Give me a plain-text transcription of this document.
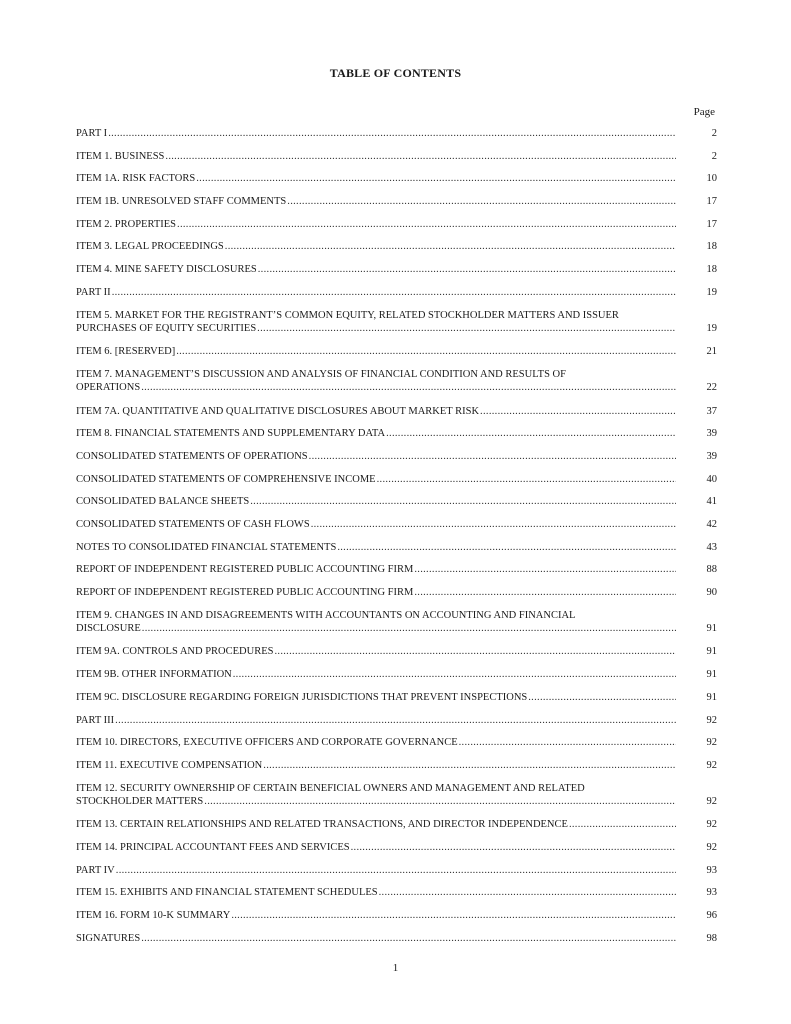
TABLE OF CONTENTS
Page
PART I .....	2
ITEM 1. BUSINESS .....	2
ITEM 1A. RISK FACTORS .....	10
ITEM 1B. UNRESOLVED STAFF COMMENTS .....	17
ITEM 2. PROPERTIES .....	17
ITEM 3. LEGAL PROCEEDINGS .....	18
ITEM 4. MINE SAFETY DISCLOSURES .....	18
PART II .....	19
ITEM 5. MARKET FOR THE REGISTRANT’S COMMON EQUITY, RELATED STOCKHOLDER MATTERS AND ISSUER
PURCHASES OF EQUITY SECURITIES .....	19
ITEM 6. [RESERVED] .....	21
ITEM 7. MANAGEMENT’S DISCUSSION AND ANALYSIS OF FINANCIAL CONDITION AND RESULTS OF
OPERATIONS .....	22
ITEM 7A. QUANTITATIVE AND QUALITATIVE DISCLOSURES ABOUT MARKET RISK .....	37
ITEM 8. FINANCIAL STATEMENTS AND SUPPLEMENTARY DATA .....	39
CONSOLIDATED STATEMENTS OF OPERATIONS .....	39
CONSOLIDATED STATEMENTS OF COMPREHENSIVE INCOME .....	40
CONSOLIDATED BALANCE SHEETS .....	41
CONSOLIDATED STATEMENTS OF CASH FLOWS .....	42
NOTES TO CONSOLIDATED FINANCIAL STATEMENTS .....	43
REPORT OF INDEPENDENT REGISTERED PUBLIC ACCOUNTING FIRM .....	88
REPORT OF INDEPENDENT REGISTERED PUBLIC ACCOUNTING FIRM .....	90
ITEM 9. CHANGES IN AND DISAGREEMENTS WITH ACCOUNTANTS ON ACCOUNTING AND FINANCIAL
DISCLOSURE .....	91
ITEM 9A. CONTROLS AND PROCEDURES .....	91
ITEM 9B. OTHER INFORMATION .....	91
ITEM 9C. DISCLOSURE REGARDING FOREIGN JURISDICTIONS THAT PREVENT INSPECTIONS .....	91
PART III .....	92
ITEM 10. DIRECTORS, EXECUTIVE OFFICERS AND CORPORATE GOVERNANCE .....	92
ITEM 11. EXECUTIVE COMPENSATION .....	92
ITEM 12. SECURITY OWNERSHIP OF CERTAIN BENEFICIAL OWNERS AND MANAGEMENT AND RELATED
STOCKHOLDER MATTERS .....	92
ITEM 13. CERTAIN RELATIONSHIPS AND RELATED TRANSACTIONS, AND DIRECTOR INDEPENDENCE .....	92
ITEM 14. PRINCIPAL ACCOUNTANT FEES AND SERVICES .....	92
PART IV .....	93
ITEM 15. EXHIBITS AND FINANCIAL STATEMENT SCHEDULES .....	93
ITEM 16. FORM 10-K SUMMARY .....	96
SIGNATURES .....	98
1
